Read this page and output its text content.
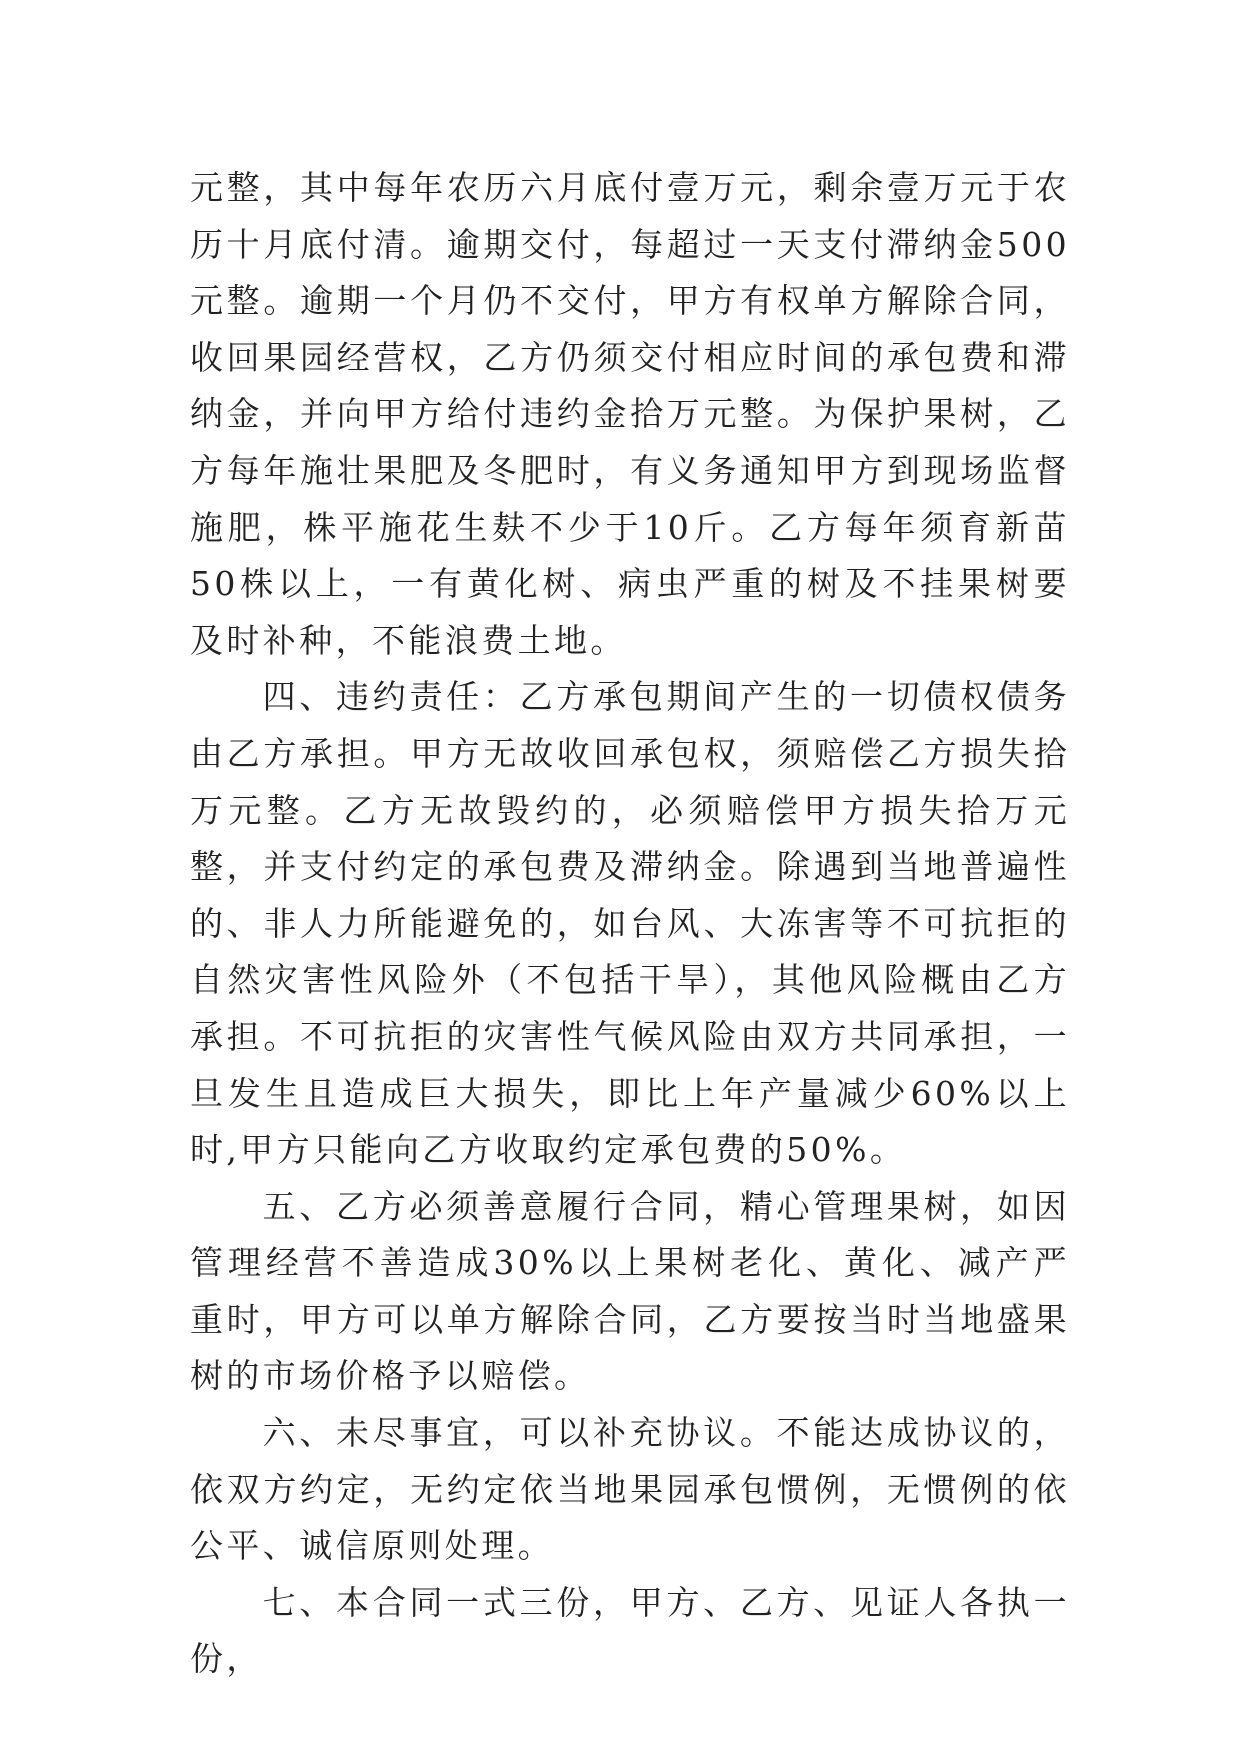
元整，其中每年农历六月底付壹万元，剩余壹万元于农历十月底付清。逾期交付，每超过一天支付滞纳金500元整。逾期一个月仍不交付，甲方有权单方解除合同，收回果园经营权，乙方仍须交付相应时间的承包费和滞纳金，并向甲方给付违约金拾万元整。为保护果树，乙方每年施壮果肥及冬肥时，有义务通知甲方到现场监督施肥，株平施花生麸不少于10斤。乙方每年须育新苗50株以上，一有黄化树、病虫严重的树及不挂果树要及时补种，不能浪费土地。

四、违约责任：乙方承包期间产生的一切债权债务由乙方承担。甲方无故收回承包权，须赔偿乙方损失拾万元整。乙方无故毁约的，必须赔偿甲方损失拾万元整，并支付约定的承包费及滞纳金。除遇到当地普遍性的、非人力所能避免的，如台风、大冻害等不可抗拒的自然灾害性风险外（不包括干旱），其他风险概由乙方承担。不可抗拒的灾害性气候风险由双方共同承担，一旦发生且造成巨大损失，即比上年产量减少60%以上时,甲方只能向乙方收取约定承包费的50%。

五、乙方必须善意履行合同，精心管理果树，如因管理经营不善造成30%以上果树老化、黄化、减产严重时，甲方可以单方解除合同，乙方要按当时当地盛果树的市场价格予以赔偿。

六、未尽事宜，可以补充协议。不能达成协议的，依双方约定，无约定依当地果园承包惯例，无惯例的依公平、诚信原则处理。

七、本合同一式三份，甲方、乙方、见证人各执一份，
